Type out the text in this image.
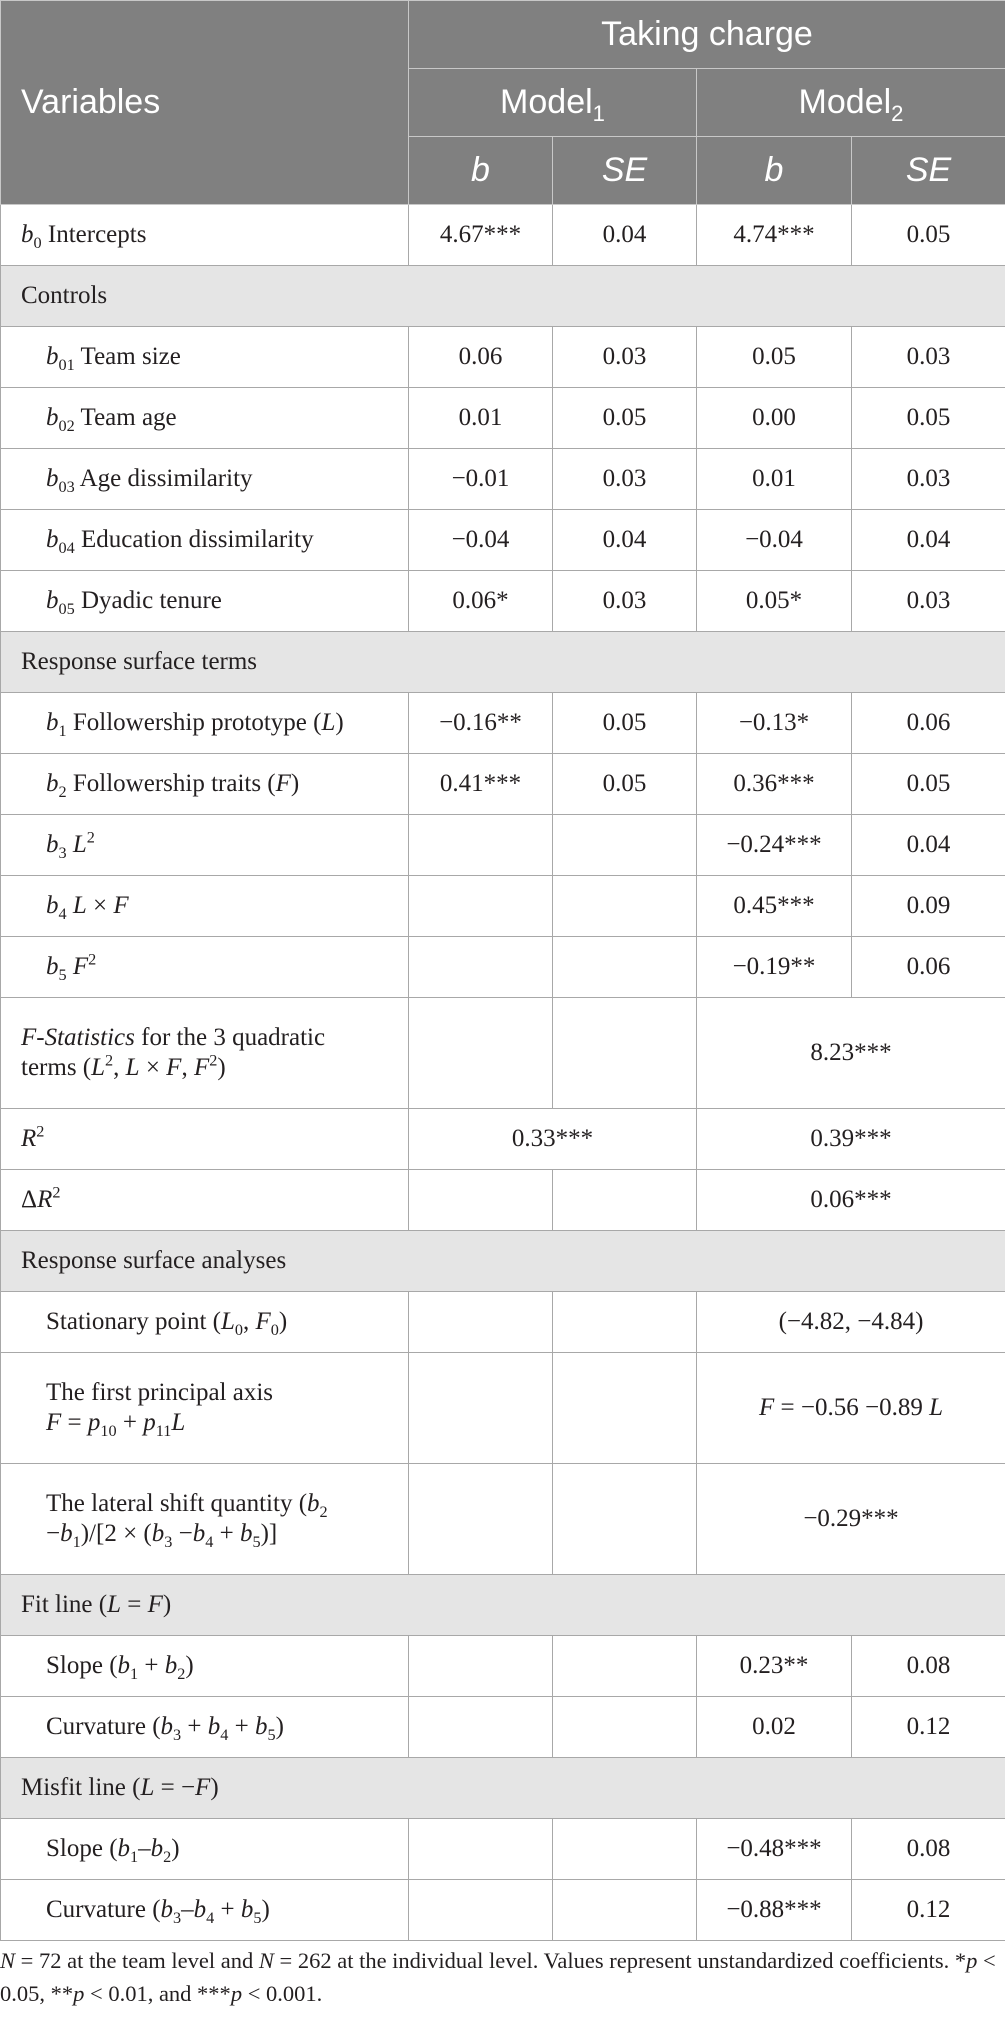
Variables	Taking charge			
	Model$_1$		Model$_2$
	b	SE	b	SE
$b_0$ Intercepts	4.67***	0.04	4.74***	0.05
Controls				
$b_{01}$ Team size	0.06	0.03	0.05	0.03
$b_{02}$ Team age	0.01	0.05	0.00	0.05
$b_{03}$ Age dissimilarity	−0.01	0.03	0.01	0.03
$b_{04}$ Education dissimilarity	−0.04	0.04	−0.04	0.04
$b_{05}$ Dyadic tenure	0.06*	0.03	0.05*	0.03
Response surface terms				
$b_1$ Followership prototype (L)	−0.16**	0.05	−0.13*	0.06
$b_2$ Followership traits (F)	0.41***	0.05	0.36***	0.05
$b_3$ $L^2$			−0.24***	0.04
$b_4$ L × F			0.45***	0.09
$b_5$ $F^2$			−0.19**	0.06
F-Statistics for the 3 quadratic
terms ($L^2$, L × F, $F^2$)			8.23***	
$R^2$	0.33***		0.39***	
$\Delta R^2$			0.06***	
Response surface analyses				
Stationary point ($L_0$, $F_0$)			(−4.82, −4.84)	
The first principal axis
$F = p_{10} + p_{11}L$			F = −0.56 −0.89 L	
The lateral shift quantity ($b_2$
$-b_1)/[2 \times (b_3 -b_4 + b_5)]$			−0.29***	
Fit line (L = F)				
Slope $(b_1 + b_2)$			0.23**	0.08
Curvature $(b_3 + b_4 + b_5)$			0.02	0.12
Misfit line (L = −F)				
Slope $(b_1-b_2)$			−0.48***	0.08
Curvature $(b_3-b_4 + b_5)$			−0.88***	0.12
N = 72 at the team level and N = 262 at the individual level. Values represent unstandardized coefficients. *p < 0.05, **p < 0.01, and ***p < 0.001.
